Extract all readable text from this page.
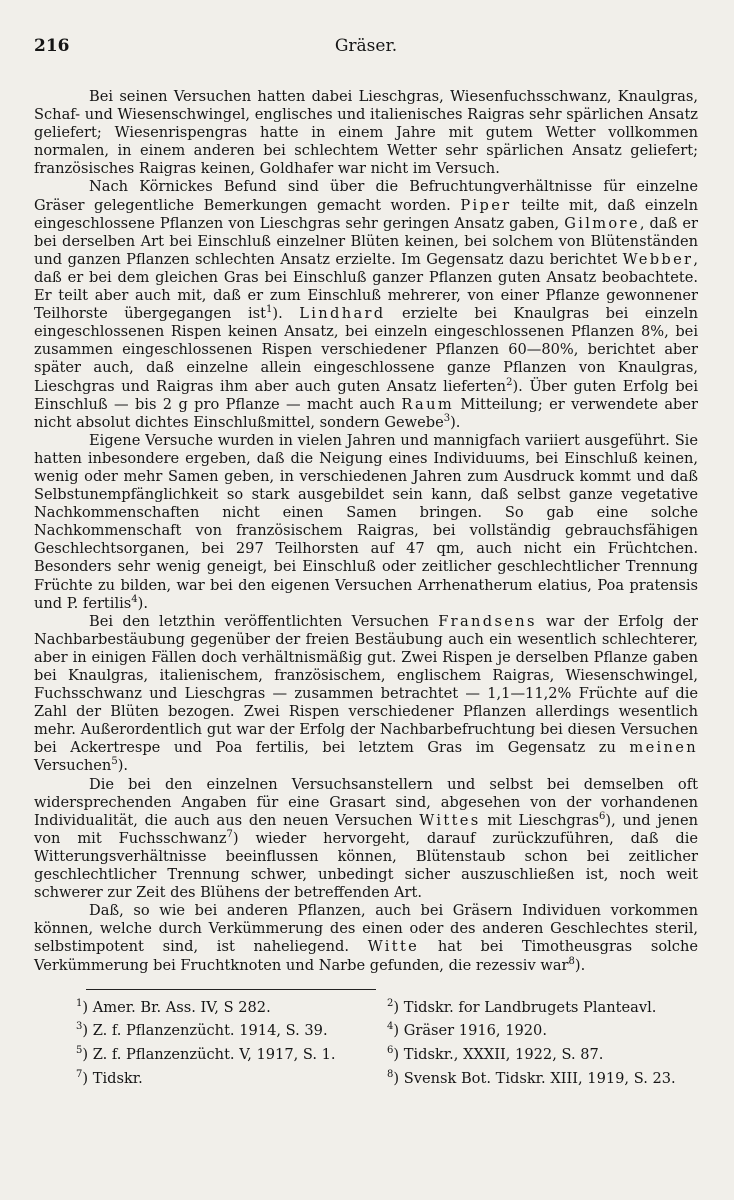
216	Gräser.

Bei seinen Versuchen hatten dabei Lieschgras, Wiesenfuchsschwanz, Knaulgras, Schaf- und Wiesenschwingel, englisches und italienisches Raigras sehr spärlichen Ansatz geliefert; Wiesenrispengras hatte in einem Jahre mit gutem Wetter vollkommen normalen, in einem anderen bei schlechtem Wetter sehr spärlichen Ansatz geliefert; französisches Raigras keinen, Goldhafer war nicht im Versuch.

Nach Körnickes Befund sind über die Befruchtungverhältnisse für einzelne Gräser gelegentliche Bemerkungen gemacht worden. Piper teilte mit, daß einzeln eingeschlossene Pflanzen von Lieschgras sehr geringen Ansatz gaben, Gilmore, daß er bei derselben Art bei Einschluß einzelner Blüten keinen, bei solchem von Blütenständen und ganzen Pflanzen schlechten Ansatz erzielte. Im Gegensatz dazu berichtet Webber, daß er bei dem gleichen Gras bei Einschluß ganzer Pflanzen guten Ansatz beobachtete. Er teilt aber auch mit, daß er zum Einschluß mehrerer, von einer Pflanze gewonnener Teilhorste übergegangen ist$^1$). Lindhard erzielte bei Knaulgras bei einzeln eingeschlossenen Rispen keinen Ansatz, bei einzeln eingeschlossenen Pflanzen 8%, bei zusammen eingeschlossenen Rispen verschiedener Pflanzen 60—80%, berichtet aber später auch, daß einzelne allein eingeschlossene ganze Pflanzen von Knaulgras, Lieschgras und Raigras ihm aber auch guten Ansatz lieferten$^2$). Über guten Erfolg bei Einschluß — bis 2 g pro Pflanze — macht auch Raum Mitteilung; er verwendete aber nicht absolut dichtes Einschlußmittel, sondern Gewebe$^3$).

Eigene Versuche wurden in vielen Jahren und mannigfach variiert ausgeführt. Sie hatten inbesondere ergeben, daß die Neigung eines Individuums, bei Einschluß keinen, wenig oder mehr Samen geben, in verschiedenen Jahren zum Ausdruck kommt und daß Selbstunempfänglichkeit so stark ausgebildet sein kann, daß selbst ganze vegetative Nachkommenschaften nicht einen Samen bringen. So gab eine solche Nachkommenschaft von französischem Raigras, bei vollständig gebrauchsfähigen Geschlechtsorganen, bei 297 Teilhorsten auf 47 qm, auch nicht ein Früchtchen. Besonders sehr wenig geneigt, bei Einschluß oder zeitlicher geschlechtlicher Trennung Früchte zu bilden, war bei den eigenen Versuchen Arrhenatherum elatius, Poa pratensis und P. fertilis$^4$).

Bei den letzthin veröffentlichten Versuchen Frandsens war der Erfolg der Nachbarbestäubung gegenüber der freien Bestäubung auch ein wesentlich schlechterer, aber in einigen Fällen doch verhältnismäßig gut. Zwei Rispen je derselben Pflanze gaben bei Knaulgras, italienischem, französischem, englischem Raigras, Wiesenschwingel, Fuchsschwanz und Lieschgras — zusammen betrachtet — 1,1—11,2% Früchte auf die Zahl der Blüten bezogen. Zwei Rispen verschiedener Pflanzen allerdings wesentlich mehr. Außerordentlich gut war der Erfolg der Nachbarbefruchtung bei diesen Versuchen bei Ackertrespe und Poa fertilis, bei letztem Gras im Gegensatz zu meinen Versuchen$^5$).

Die bei den einzelnen Versuchsanstellern und selbst bei demselben oft widersprechenden Angaben für eine Grasart sind, abgesehen von der vorhandenen Individualität, die auch aus den neuen Versuchen Wittes mit Lieschgras$^6$), und jenen von mit Fuchsschwanz$^7$) wieder hervorgeht, darauf zurückzuführen, daß die Witterungsverhältnisse beeinflussen können, Blütenstaub schon bei zeitlicher geschlechtlicher Trennung schwer, unbedingt sicher auszuschließen ist, noch weit schwerer zur Zeit des Blühens der betreffenden Art.

Daß, so wie bei anderen Pflanzen, auch bei Gräsern Individuen vorkommen können, welche durch Verkümmerung des einen oder des anderen Geschlechtes steril, selbstimpotent sind, ist naheliegend. Witte hat bei Timotheusgras solche Verkümmerung bei Fruchtknoten und Narbe gefunden, die rezessiv war$^8$).

$^1$) Amer. Br. Ass. IV, S 282.	$^2$) Tidskr. for Landbrugets Planteavl.
$^3$) Z. f. Pflanzenzücht. 1914, S. 39.	$^4$) Gräser 1916, 1920.
$^5$) Z. f. Pflanzenzücht. V, 1917, S. 1.	$^6$) Tidskr., XXXII, 1922, S. 87.
$^7$) Tidskr.	$^8$) Svensk Bot. Tidskr. XIII, 1919, S. 23.
